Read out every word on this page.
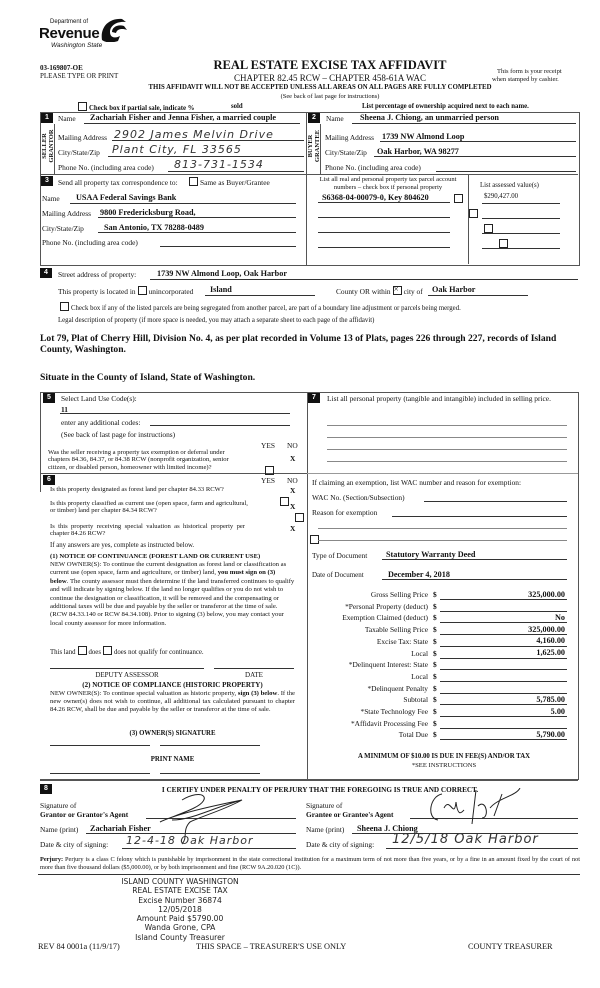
Department of
Revenue
Washington State
03-169807-OE
PLEASE TYPE OR PRINT
REAL ESTATE EXCISE TAX AFFIDAVIT
CHAPTER 82.45 RCW – CHAPTER 458-61A WAC
THIS AFFIDAVIT WILL NOT BE ACCEPTED UNLESS ALL AREAS ON ALL PAGES ARE FULLY COMPLETED
(See back of last page for instructions)
This form is your receipt
when stamped by cashier.
Check box if partial sale, indicate %	sold	List percentage of ownership acquired next to each name.
1	Name Zachariah Fisher and Jenna Fisher, a married couple
SELLER GRANTOR Mailing Address 2902 James Melvin Drive
City/State/Zip Plant City, FL 33565
Phone No. (including area code) 813-731-1534
2	Name Sheena J. Chiong, an unmarried person
BUYER GRANTEE Mailing Address 1739 NW Almond Loop
City/State/Zip Oak Harbor, WA 98277
Phone No. (including area code)
3	Send all property tax correspondence to:	Same as Buyer/Grantee
Name USAA Federal Savings Bank
Mailing Address 9800 Fredericksburg Road,
City/State/Zip San Antonio, TX 78288-0489
Phone No. (including area code)
List all real and personal property tax parcel account
numbers – check box if personal property	List assessed value(s)
S6368-04-00079-0, Key 804620
	$290,427.00

4	Street address of property:	1739 NW Almond Loop, Oak Harbor
This property is located in unincorporated Island	County OR within × city of Oak Harbor
Check box if any of the listed parcels are being segregated from another parcel, are part of a boundary line adjustment or parcels being merged.
Legal description of property (if more space is needed, you may attach a separate sheet to each page of the affidavit)
Lot 79, Plat of Cherry Hill, Division No. 4, as per plat recorded in Volume 13 of Plats, pages 226 through 227, records of Island County, Washington.
Situate in the County of Island, State of Washington.
5	Select Land Use Code(s):
11
enter any additional codes:
(See back of last page for instructions)
YES NO
Was the seller receiving a property tax exemption or deferral under chapters 84.36, 84.37, or 84.38 RCW (nonprofit organization, senior citizen, or disabled person, homeowner with limited income)?

X
6	YES NO
Is this property designated as forest land per chapter 84.33 RCW?
	X
Is this property classified as current use (open space, farm and agricultural, or timber) land per chapter 84.34 RCW?
	X
Is this property receiving special valuation as historical property per chapter 84.26 RCW?
X
If any answers are yes, complete as instructed below.
(1) NOTICE OF CONTINUANCE (FOREST LAND OR CURRENT USE)
NEW OWNER(S): To continue the current designation as forest land or classification as current use (open space, farm and agriculture, or timber) land, you must sign on (3) below. The county assessor must then determine if the land transferred continues to qualify and will indicate by signing below. If the land no longer qualifies or you do not wish to continue the designation or classification, it will be removed and the compensating or additional taxes will be due and payable by the seller or transferor at the time of sale. (RCW 84.33.140 or RCW 84.34.108). Prior to signing (3) below, you may contact your local county assessor for more information.
This land does does not qualify for continuance.
DEPUTY ASSESSOR	DATE
(2) NOTICE OF COMPLIANCE (HISTORIC PROPERTY)
NEW OWNER(S): To continue special valuation as historic property, sign (3) below. If the new owner(s) does not wish to continue, all additional tax calculated pursuant to chapter 84.26 RCW, shall be due and payable by the seller or transferor at the time of sale.
(3) OWNER(S) SIGNATURE
PRINT NAME
7	List all personal property (tangible and intangible) included in selling price.
If claiming an exemption, list WAC number and reason for exemption:
WAC No. (Section/Subsection)
Reason for exemption
Type of Document Statutory Warranty Deed
Date of Document	December 4, 2018
Gross Selling Price $	325,000.00
*Personal Property (deduct) $
Exemption Claimed (deduct) $	No
Taxable Selling Price $	325,000.00
Excise Tax: State $	4,160.00
Local $	1,625.00
*Delinquent Interest: State $
Local $
*Delinquent Penalty $
Subtotal $	5,785.00
*State Technology Fee $	5.00
*Affidavit Processing Fee $
Total Due $	5,790.00
A MINIMUM OF $10.00 IS DUE IN FEE(S) AND/OR TAX
*SEE INSTRUCTIONS
8	I CERTIFY UNDER PENALTY OF PERJURY THAT THE FOREGOING IS TRUE AND CORRECT.
Signature of
Grantor or Grantor's Agent
Name (print) Zachariah Fisher
Date & city of signing: 12-4-18 Oak Harbor
Signature of
Grantee or Grantee's Agent
Name (print) Sheena J. Chiong
Date & city of signing: 12/5/18 Oak Harbor
Perjury: Perjury is a class C felony which is punishable by imprisonment in the state correctional institution for a maximum term of not more than five years, or by a fine in an amount fixed by the court of not more than five thousand dollars ($5,000.00), or by both imprisonment and fine (RCW 9A.20.020 (1C)).
ISLAND COUNTY WASHINGTON
REAL ESTATE EXCISE TAX
Excise Number 36874
12/05/2018
Amount Paid $5790.00
Wanda Grone, CPA
Island County Treasurer
REV 84 0001a (11/9/17)	THIS SPACE – TREASURER'S USE ONLY	COUNTY TREASURER
